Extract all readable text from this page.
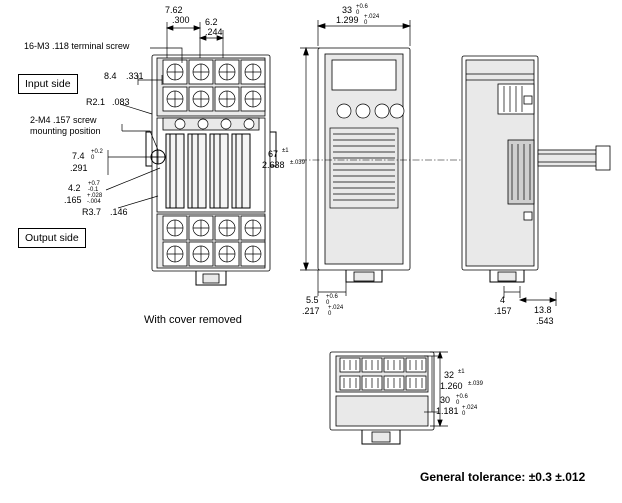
Input side
Output side
16-M3 .118 terminal screw
2-M4 .157 screw
mounting position
7.62
.300 6.2
.244
8.4 .331
R2.1 .083
7.4 +0.2
0
.291
4.2 +0.7
-0.1
.165 +.028
-.004
R3.7 .146
33 +0.6
0
1.299 +.024
0
67 ±1
2.638 ±.039
5.5 +0.6
0
.217 +.024
0
4
.157 13.8
.543
32 ±1
1.260 ±.039
30 +0.6
0
1.181 +.024
0
With cover removed
General tolerance: ±0.3 ±.012
